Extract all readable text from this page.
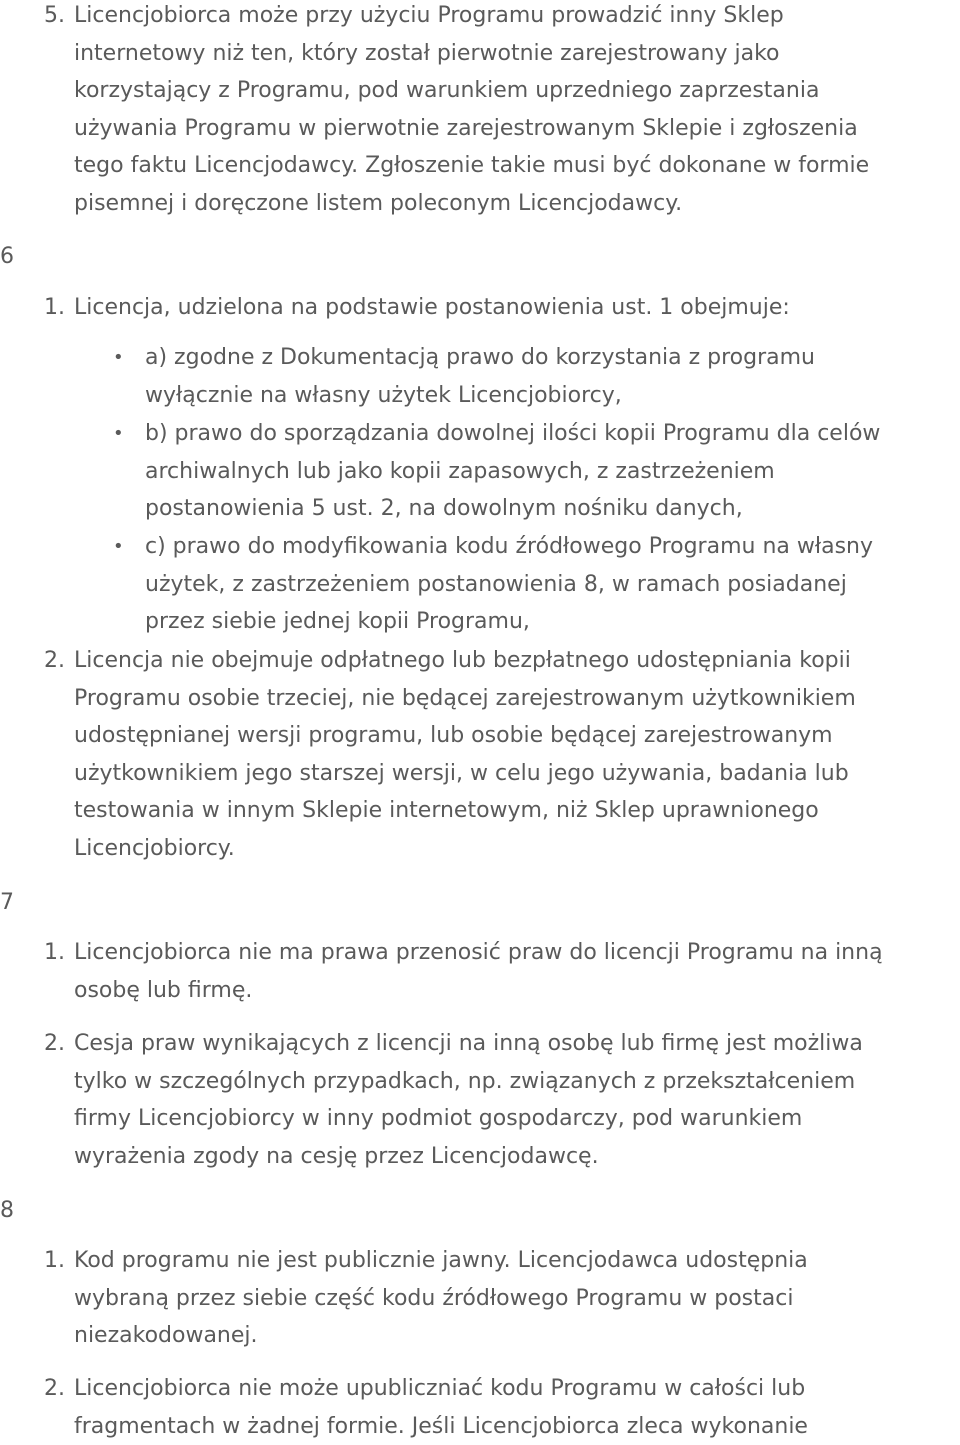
5. Licencjobiorca może przy użyciu Programu prowadzić inny Sklep
internetowy niż ten, który został pierwotnie zarejestrowany jako
korzystający z Programu, pod warunkiem uprzedniego zaprzestania
używania Programu w pierwotnie zarejestrowanym Sklepie i zgłoszenia
tego faktu Licencjodawcy. Zgłoszenie takie musi być dokonane w formie
pisemnej i doręczone listem poleconym Licencjodawcy.
6
1. Licencja, udzielona na podstawie postanowienia ust. 1 obejmuje:
• a) zgodne z Dokumentacją prawo do korzystania z programu
wyłącznie na własny użytek Licencjobiorcy,
• b) prawo do sporządzania dowolnej ilości kopii Programu dla celów
archiwalnych lub jako kopii zapasowych, z zastrzeżeniem
postanowienia 5 ust. 2, na dowolnym nośniku danych,
• c) prawo do modyfikowania kodu źródłowego Programu na własny
użytek, z zastrzeżeniem postanowienia 8, w ramach posiadanej
przez siebie jednej kopii Programu,
2. Licencja nie obejmuje odpłatnego lub bezpłatnego udostępniania kopii
Programu osobie trzeciej, nie będącej zarejestrowanym użytkownikiem
udostępnianej wersji programu, lub osobie będącej zarejestrowanym
użytkownikiem jego starszej wersji, w celu jego używania, badania lub
testowania w innym Sklepie internetowym, niż Sklep uprawnionego
Licencjobiorcy.
7
1. Licencjobiorca nie ma prawa przenosić praw do licencji Programu na inną
osobę lub firmę.
2. Cesja praw wynikających z licencji na inną osobę lub firmę jest możliwa
tylko w szczególnych przypadkach, np. związanych z przekształceniem
firmy Licencjobiorcy w inny podmiot gospodarczy, pod warunkiem
wyrażenia zgody na cesję przez Licencjodawcę.
8
1. Kod programu nie jest publicznie jawny. Licencjodawca udostępnia
wybraną przez siebie część kodu źródłowego Programu w postaci
niezakodowanej.
2. Licencjobiorca nie może upubliczniać kodu Programu w całości lub
fragmentach w żadnej formie. Jeśli Licencjobiorca zleca wykonanie
